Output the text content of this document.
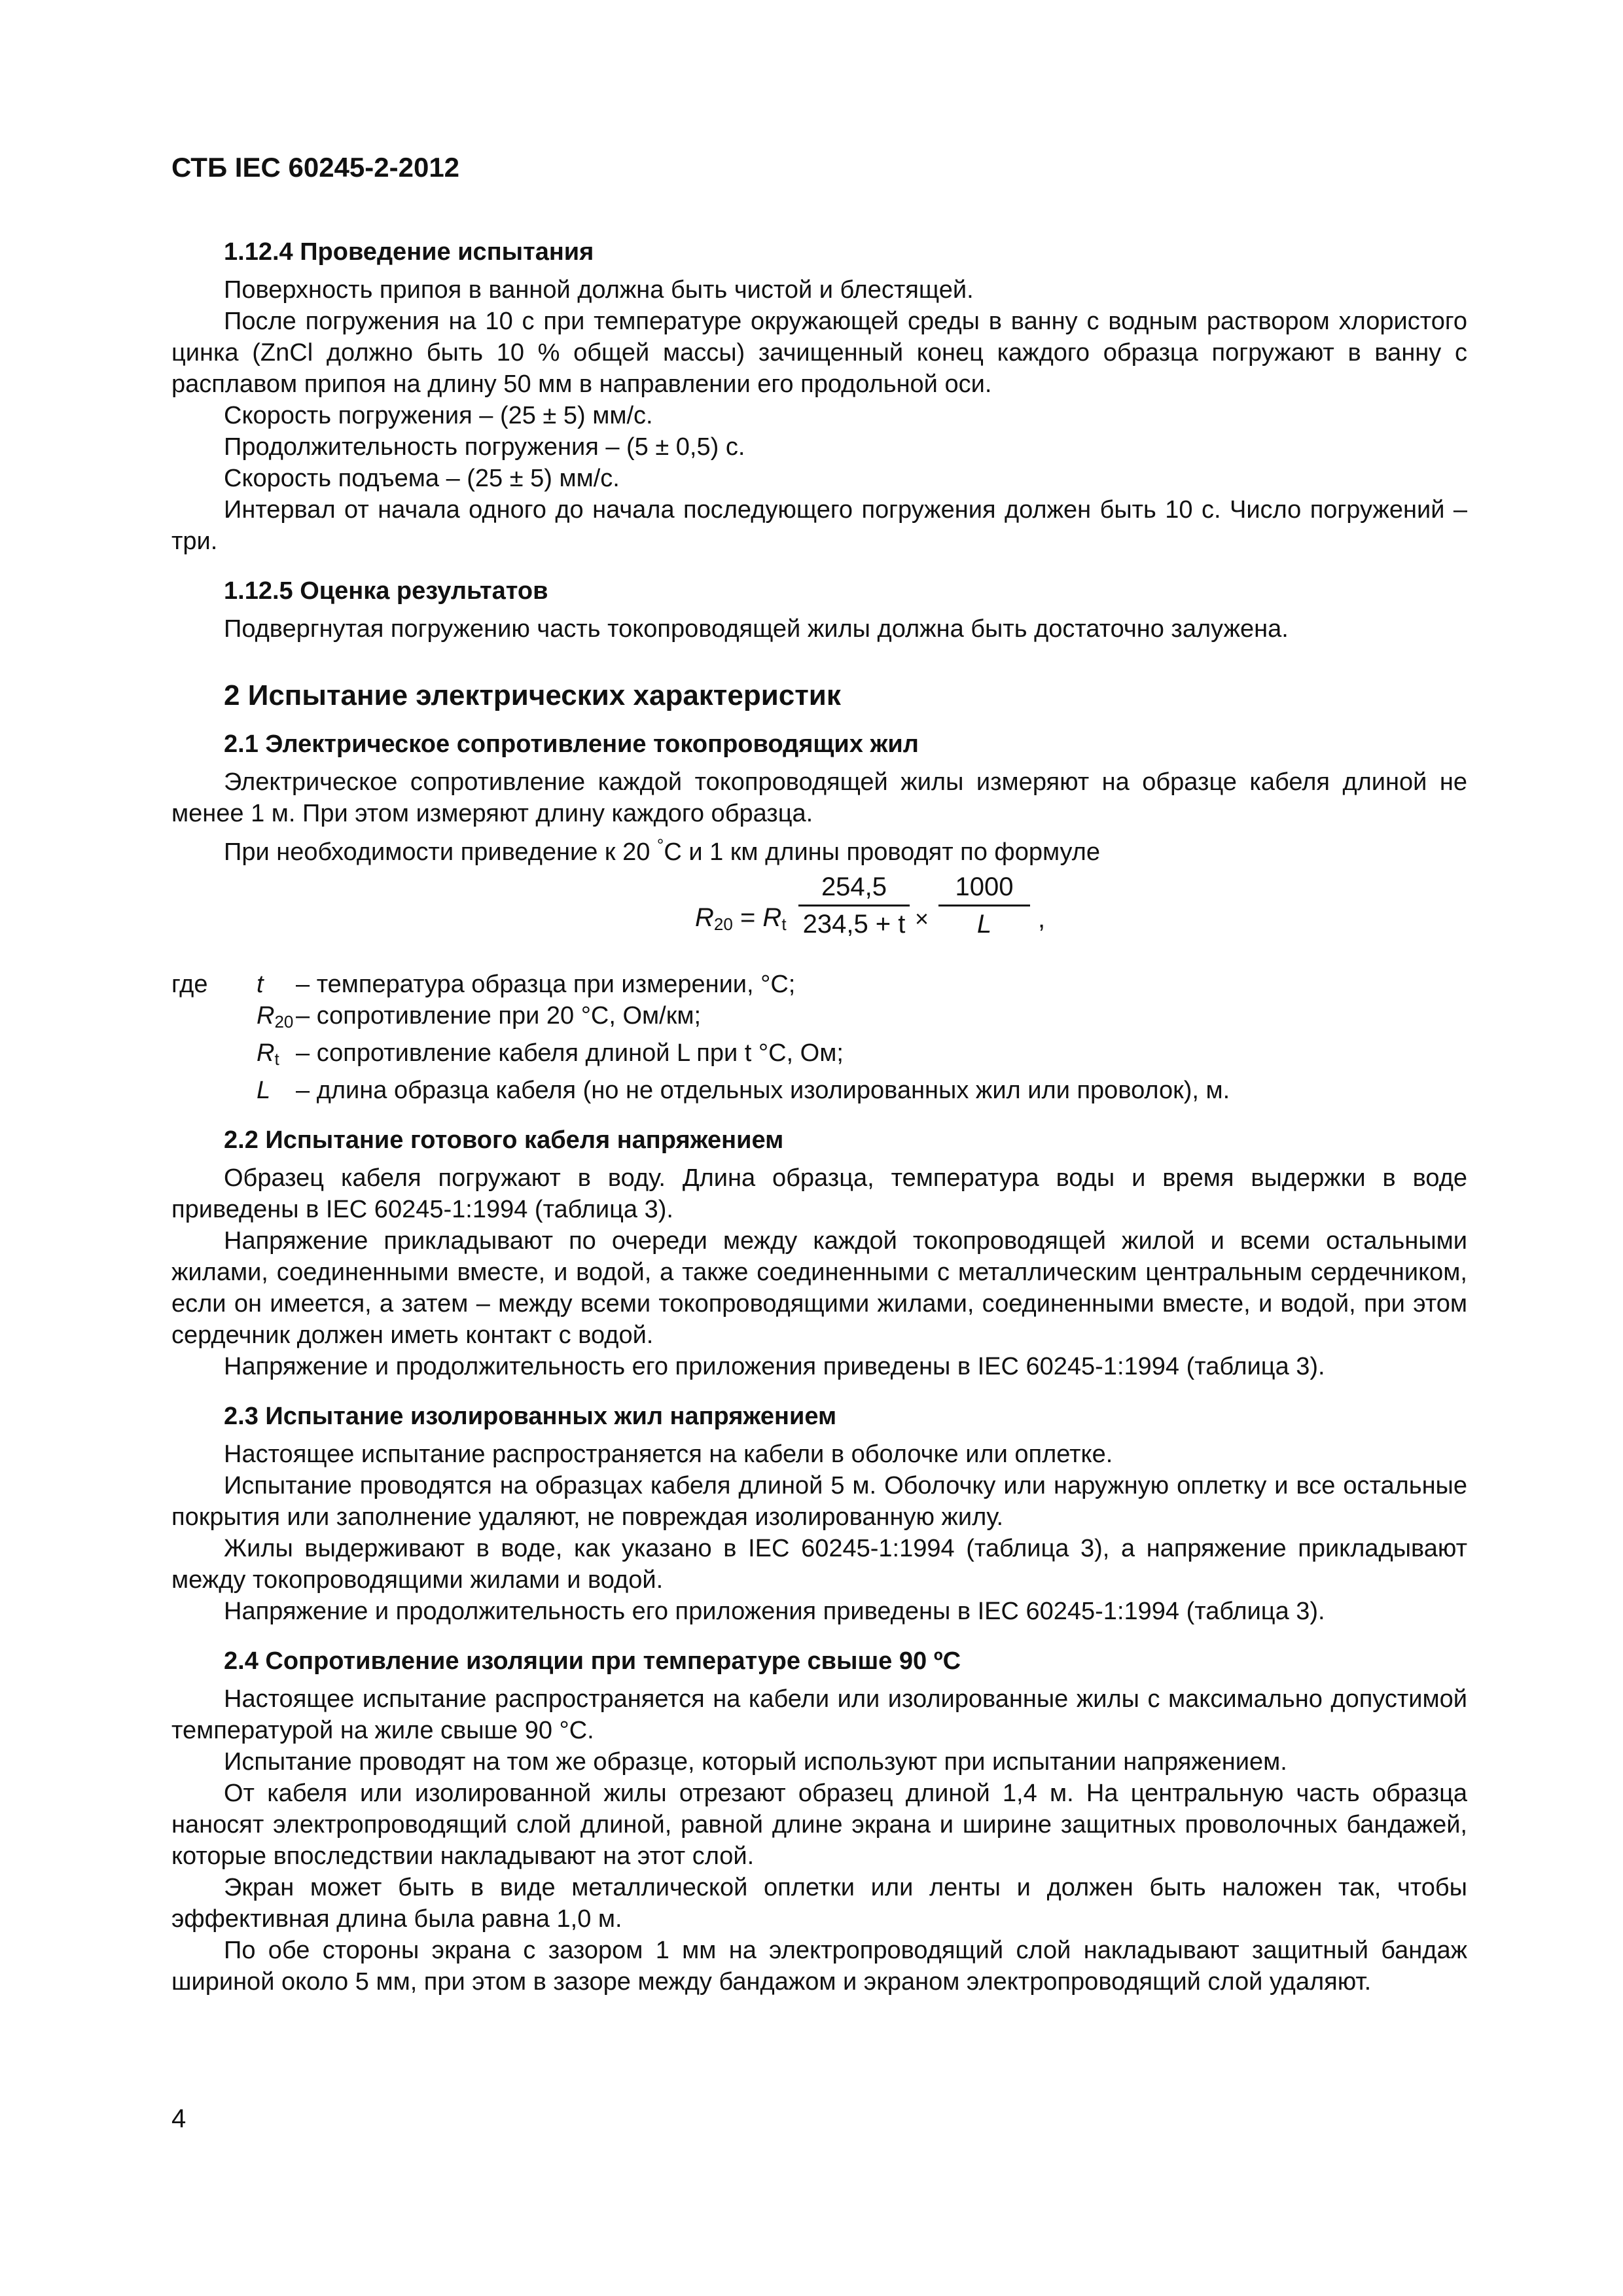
СТБ IEC 60245-2-2012
1.12.4 Проведение испытания

Поверхность припоя в ванной должна быть чистой и блестящей.

После погружения на 10 с при температуре окружающей среды в ванну с водным раствором хлористого цинка (ZnCl должно быть 10 % общей массы) зачищенный конец каждого образца погружают в ванну с расплавом припоя на длину 50 мм в направлении его продольной оси.

Скорость погружения – (25 ± 5) мм/с.

Продолжительность погружения – (5 ± 0,5) с.

Скорость подъема – (25 ± 5) мм/с.

Интервал от начала одного до начала последующего погружения должен быть 10 с. Число погружений – три.

1.12.5 Оценка результатов

Подвергнутая погружению часть токопроводящей жилы должна быть достаточно залужена.

2 Испытание электрических характеристик
2.1 Электрическое сопротивление токопроводящих жил

Электрическое сопротивление каждой токопроводящей жилы измеряют на образце кабеля длиной не менее 1 м. При этом измеряют длину каждого образца.

При необходимости приведение к 20 °С и 1 км длины проводят по формуле

$R_{20} = R_t$
254,5
234,5 + t ×
1000
L	,
где	t	– температура образца при измерении, °С;
$R_{20}$ – сопротивление при 20 °С, Ом/км;
$R_t$ – сопротивление кабеля длиной L при t °С, Ом;
L	– длина образца кабеля (но не отдельных изолированных жил или проволок), м.
2.2 Испытание готового кабеля напряжением

Образец кабеля погружают в воду. Длина образца, температура воды и время выдержки в воде приведены в IEC 60245-1:1994 (таблица 3).

Напряжение прикладывают по очереди между каждой токопроводящей жилой и всеми остальными жилами, соединенными вместе, и водой, а также соединенными с металлическим центральным сердечником, если он имеется, а затем – между всеми токопроводящими жилами, соединенными вместе, и водой, при этом сердечник должен иметь контакт с водой.

Напряжение и продолжительность его приложения приведены в IEC 60245-1:1994 (таблица 3).

2.3 Испытание изолированных жил напряжением

Настоящее испытание распространяется на кабели в оболочке или оплетке.

Испытание проводятся на образцах кабеля длиной 5 м. Оболочку или наружную оплетку и все остальные покрытия или заполнение удаляют, не повреждая изолированную жилу.

Жилы выдерживают в воде, как указано в IEC 60245-1:1994 (таблица 3), а напряжение прикладывают между токопроводящими жилами и водой.

Напряжение и продолжительность его приложения приведены в IEC 60245-1:1994 (таблица 3).

2.4 Сопротивление изоляции при температуре свыше 90 ºС

Настоящее испытание распространяется на кабели или изолированные жилы с максимально допустимой температурой на жиле свыше 90 °С.

Испытание проводят на том же образце, который используют при испытании напряжением.

От кабеля или изолированной жилы отрезают образец длиной 1,4 м. На центральную часть образца наносят электропроводящий слой длиной, равной длине экрана и ширине защитных проволочных бандажей, которые впоследствии накладывают на этот слой.

Экран может быть в виде металлической оплетки или ленты и должен быть наложен так, чтобы эффективная длина была равна 1,0 м.

По обе стороны экрана с зазором 1 мм на электропроводящий слой накладывают защитный бандаж шириной около 5 мм, при этом в зазоре между бандажом и экраном электропроводящий слой удаляют.

4
